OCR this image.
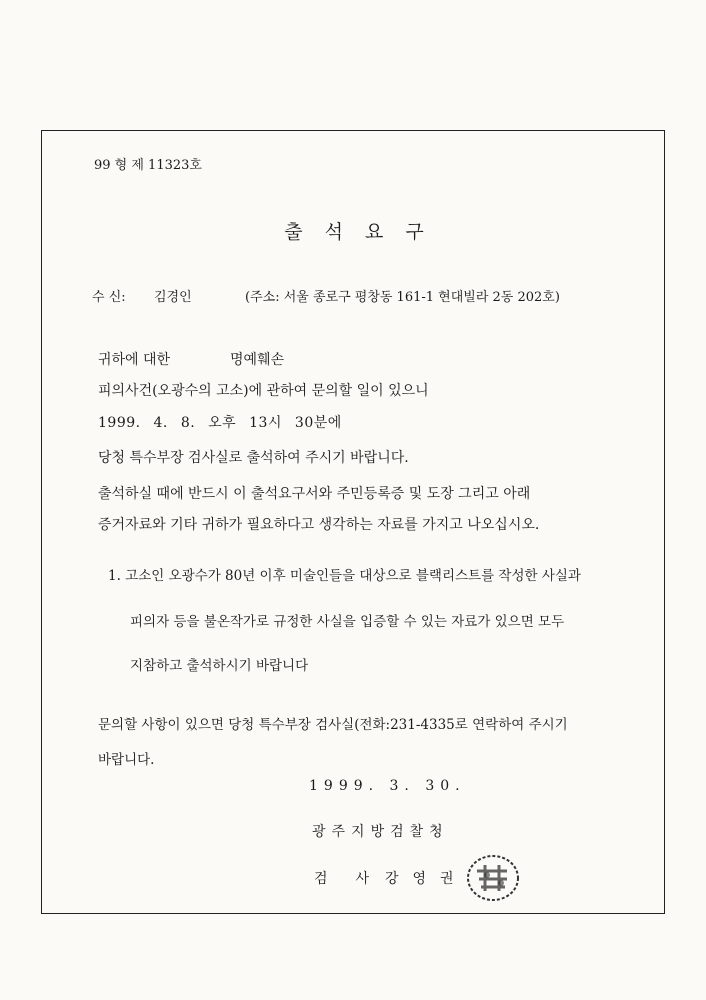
99 형 제 11323호
출석요구
수 신: 김경인	(주소: 서울 종로구 평창동 161-1 현대빌라 2동 202호)
귀하에 대한	명예훼손
피의사건(오광수의 고소)에 관하여 문의할 일이 있으니
1999. 4. 8. 오후 13시 30분에
당청 특수부장 검사실로 출석하여 주시기 바랍니다.
출석하실 때에 반드시 이 출석요구서와 주민등록증 및 도장 그리고 아래
증거자료와 기타 귀하가 필요하다고 생각하는 자료를 가지고 나오십시오.
1. 고소인 오광수가 80년 이후 미술인들을 대상으로 블랙리스트를 작성한 사실과
피의자 등을 불온작가로 규정한 사실을 입증할 수 있는 자료가 있으면 모두
지참하고 출석하시기 바랍니다
문의할 사항이 있으면 당청 특수부장 검사실(전화:231-4335로 연락하여 주시기
바랍니다.
1999. 3. 30.
광주지방검찰청
검사
강영권
